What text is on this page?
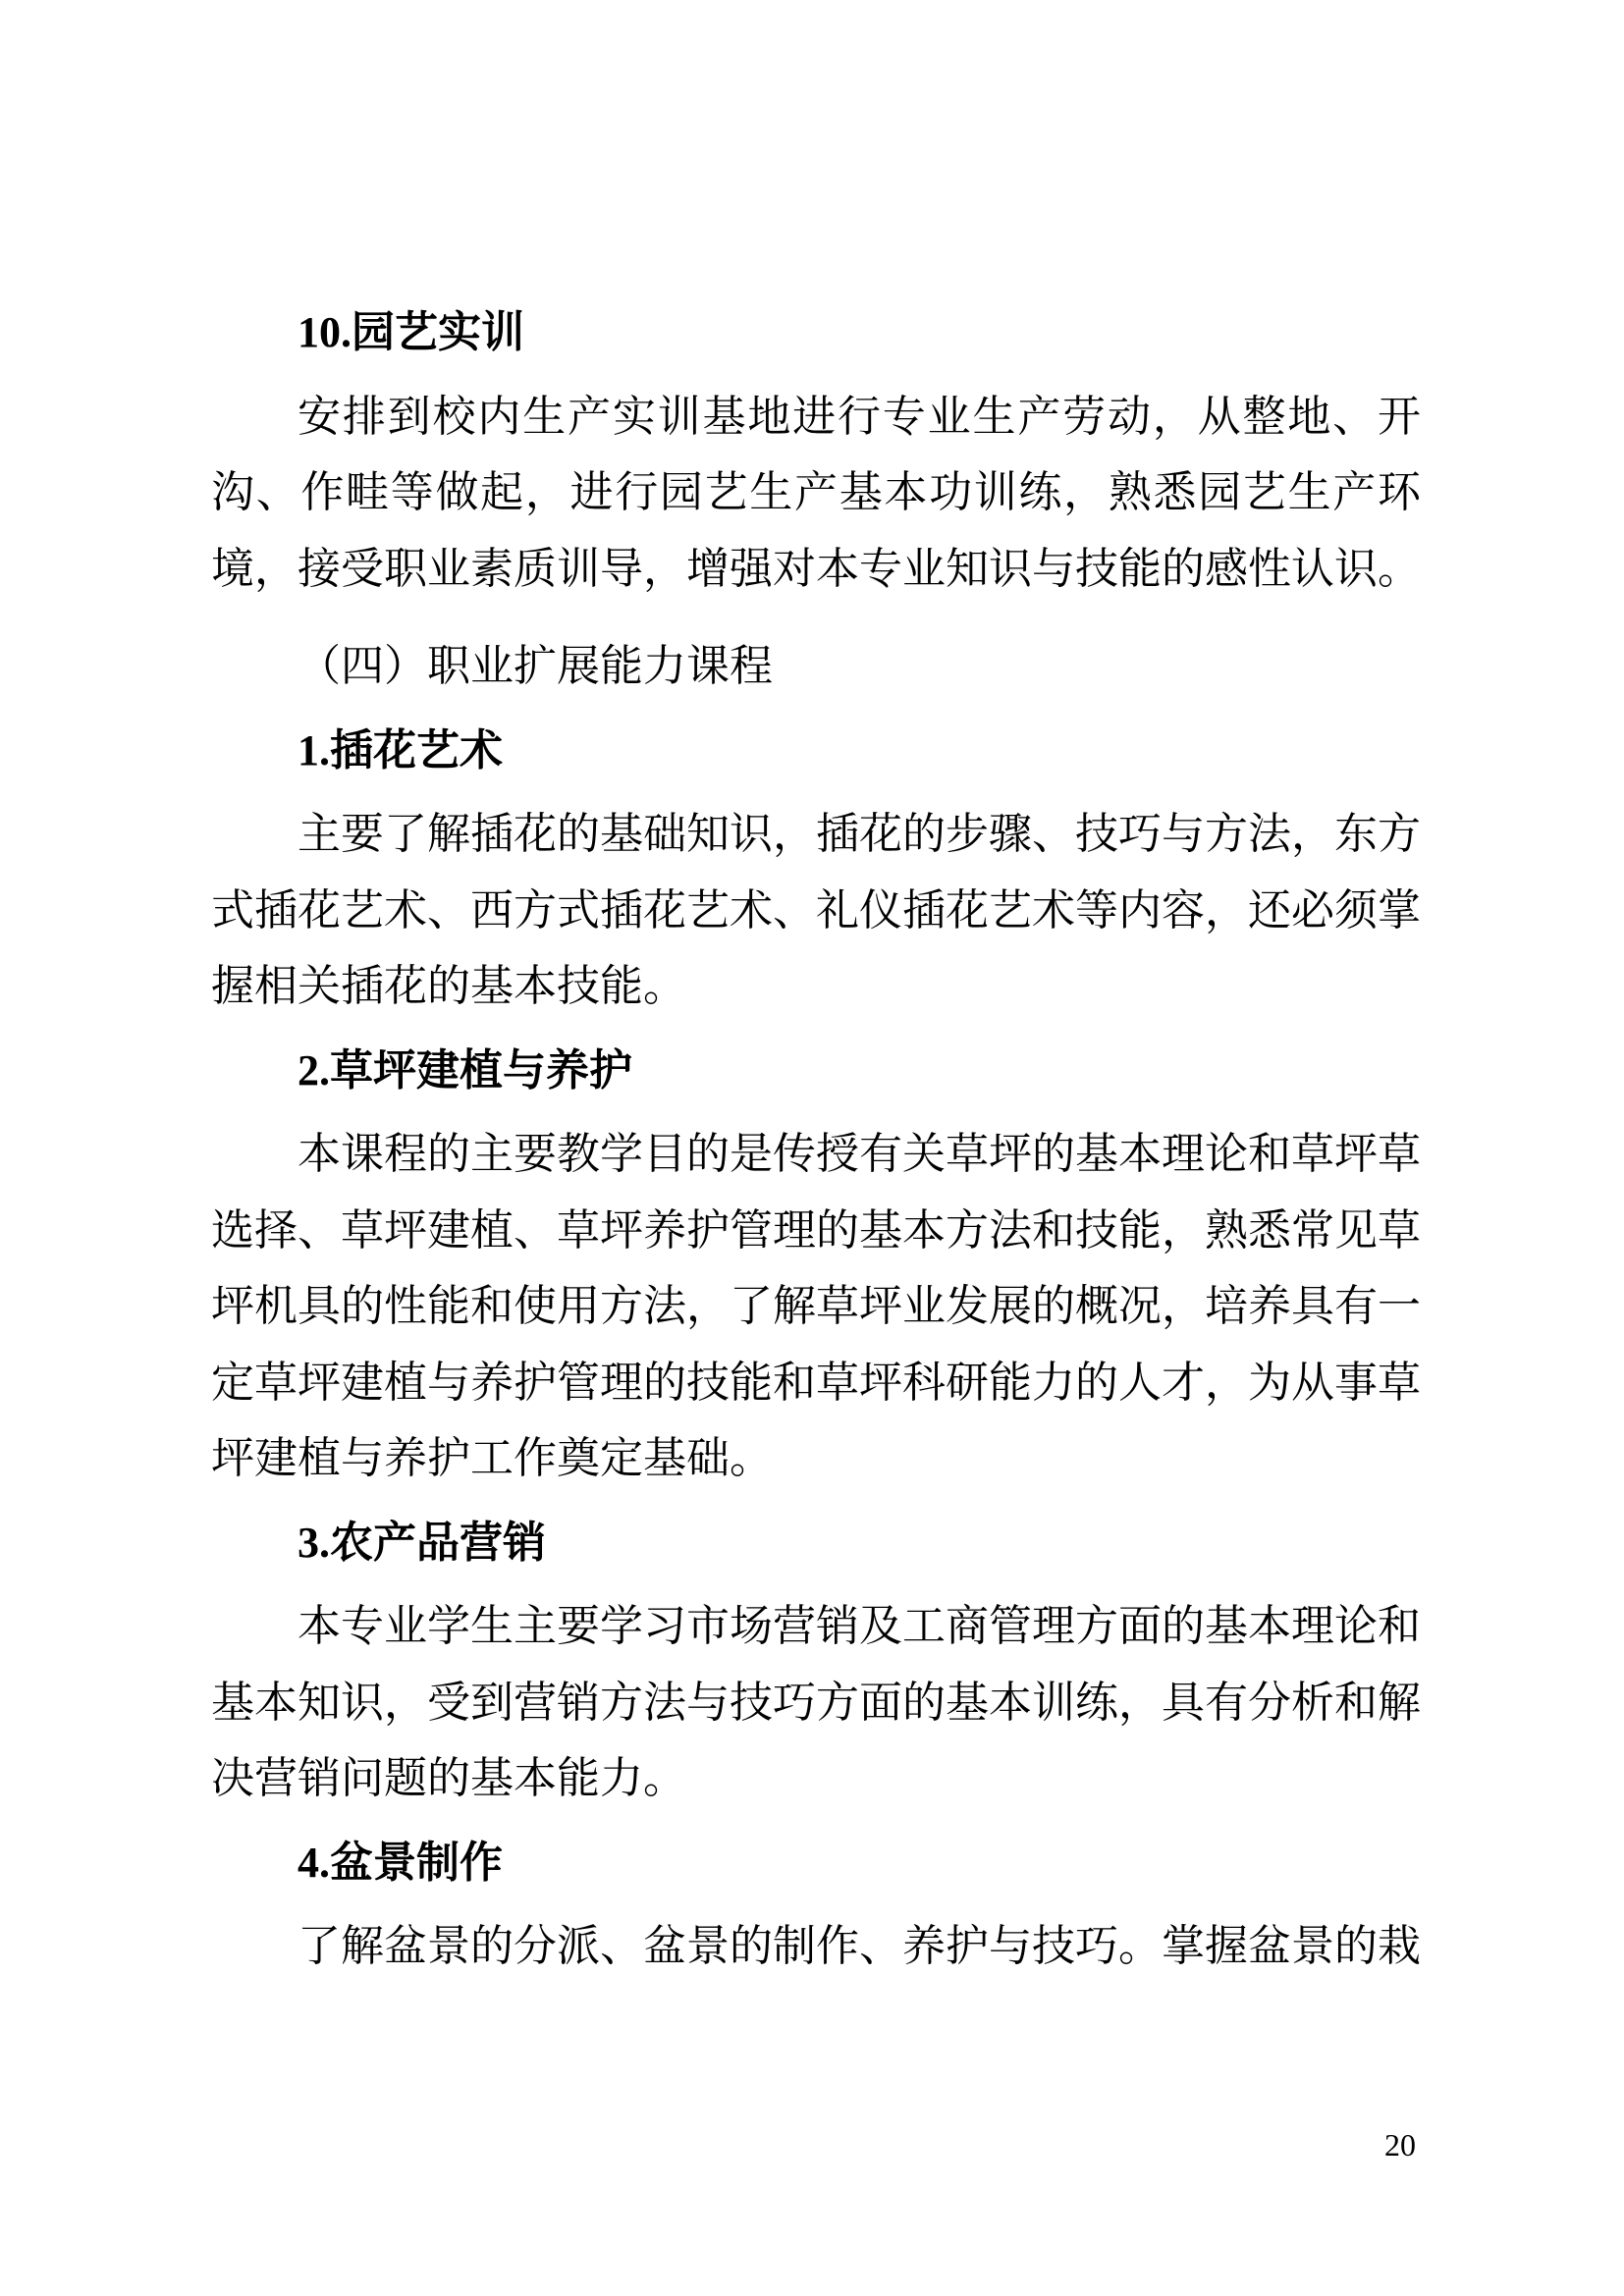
10.园艺实训

安排到校内生产实训基地进行专业生产劳动，从整地、开沟、作畦等做起，进行园艺生产基本功训练，熟悉园艺生产环境，接受职业素质训导，增强对本专业知识与技能的感性认识。

（四）职业扩展能力课程

1.插花艺术

主要了解插花的基础知识，插花的步骤、技巧与方法，东方式插花艺术、西方式插花艺术、礼仪插花艺术等内容，还必须掌握相关插花的基本技能。

2.草坪建植与养护

本课程的主要教学目的是传授有关草坪的基本理论和草坪草选择、草坪建植、草坪养护管理的基本方法和技能，熟悉常见草坪机具的性能和使用方法，了解草坪业发展的概况，培养具有一定草坪建植与养护管理的技能和草坪科研能力的人才，为从事草坪建植与养护工作奠定基础。

3.农产品营销

本专业学生主要学习市场营销及工商管理方面的基本理论和基本知识，受到营销方法与技巧方面的基本训练，具有分析和解决营销问题的基本能力。

4.盆景制作

了解盆景的分派、盆景的制作、养护与技巧。掌握盆景的栽

20
